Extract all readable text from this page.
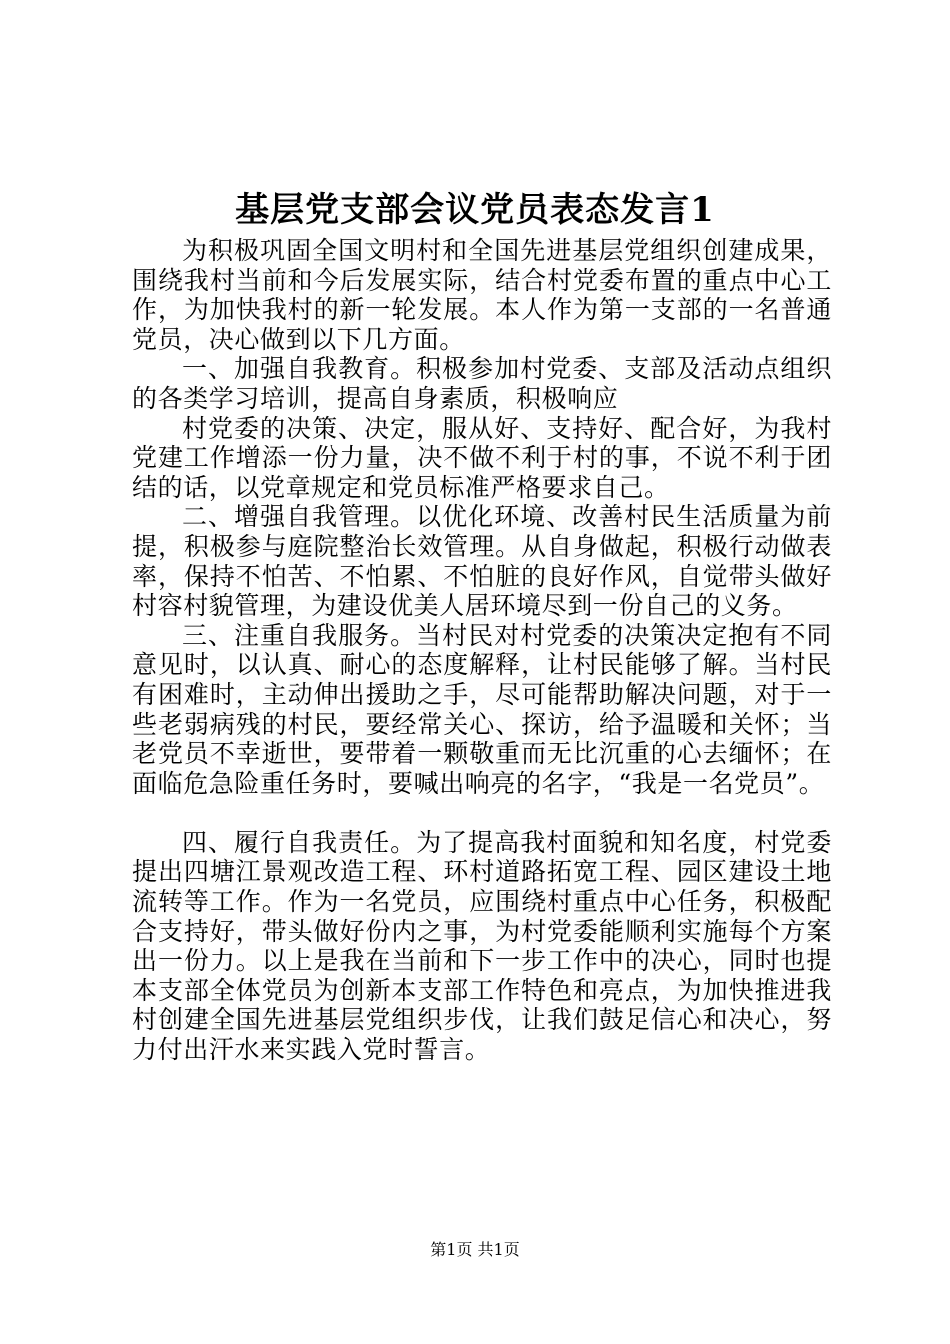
基层党支部会议党员表态发言1

为积极巩固全国文明村和全国先进基层党组织创建成果，围绕我村当前和今后发展实际，结合村党委布置的重点中心工作，为加快我村的新一轮发展。本人作为第一支部的一名普通党员，决心做到以下几方面。

一、加强自我教育。积极参加村党委、支部及活动点组织的各类学习培训，提高自身素质，积极响应

村党委的决策、决定，服从好、支持好、配合好，为我村党建工作增添一份力量，决不做不利于村的事，不说不利于团结的话，以党章规定和党员标准严格要求自己。

二、增强自我管理。以优化环境、改善村民生活质量为前提，积极参与庭院整治长效管理。从自身做起，积极行动做表率，保持不怕苦、不怕累、不怕脏的良好作风，自觉带头做好村容村貌管理，为建设优美人居环境尽到一份自己的义务。

三、注重自我服务。当村民对村党委的决策决定抱有不同意见时，以认真、耐心的态度解释，让村民能够了解。当村民有困难时，主动伸出援助之手，尽可能帮助解决问题，对于一些老弱病残的村民，要经常关心、探访，给予温暖和关怀；当老党员不幸逝世，要带着一颗敬重而无比沉重的心去缅怀；在面临危急险重任务时，要喊出响亮的名字，“我是一名党员”。

四、履行自我责任。为了提高我村面貌和知名度，村党委提出四塘江景观改造工程、环村道路拓宽工程、园区建设土地流转等工作。作为一名党员，应围绕村重点中心任务，积极配合支持好，带头做好份内之事，为村党委能顺利实施每个方案出一份力。以上是我在当前和下一步工作中的决心，同时也提本支部全体党员为创新本支部工作特色和亮点，为加快推进我村创建全国先进基层党组织步伐，让我们鼓足信心和决心，努力付出汗水来实践入党时誓言。

第1页 共1页
